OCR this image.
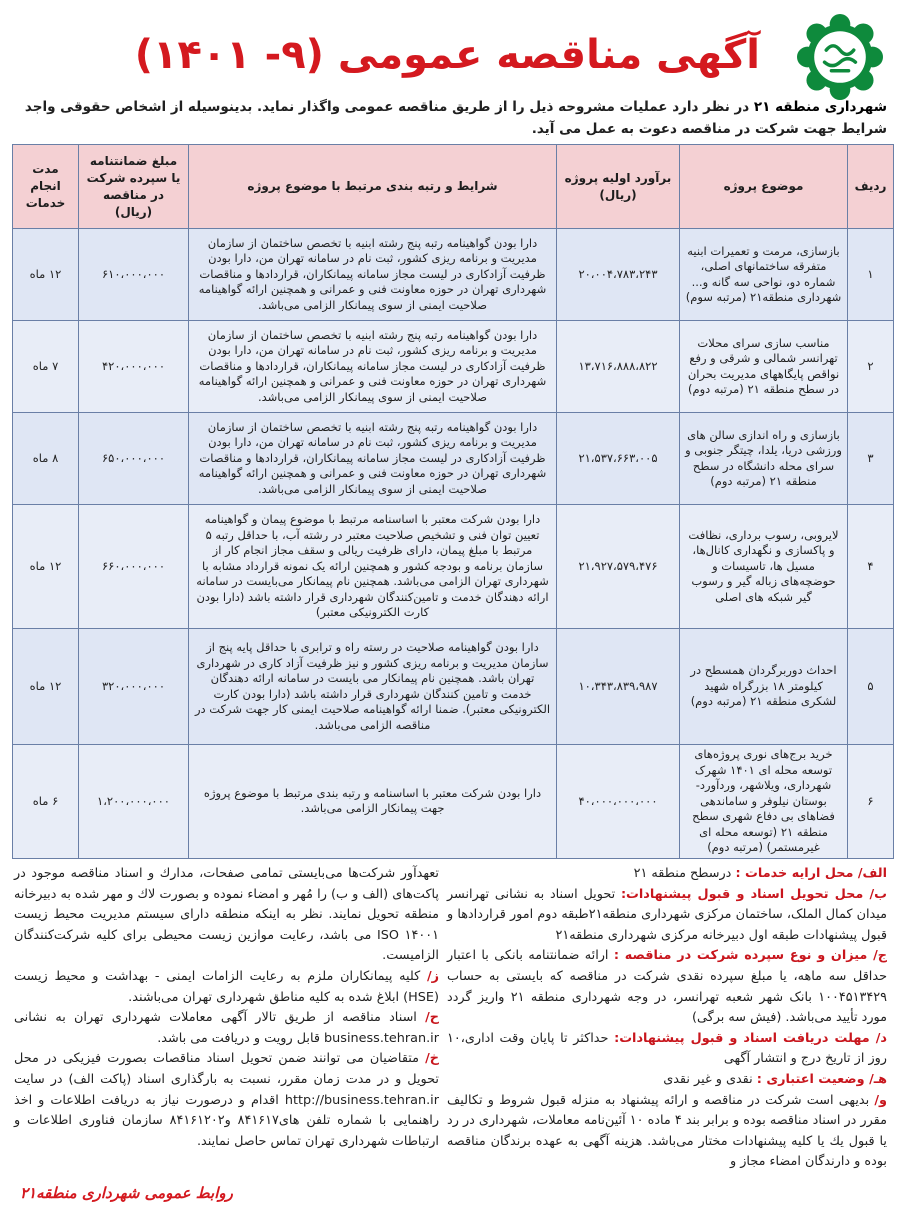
آگهی مناقصه عمومی (۹- ۱۴۰۱)
شهرداری منطقه ۲۱ در نظر دارد عملیات مشروحه ذیل را از طریق مناقصه عمومی واگذار نماید. بدینوسیله از اشخاص حقوقی واجد شرایط جهت شرکت در مناقصه دعوت به عمل می آید.
ردیف	موضوع پروژه	برآورد اولیه پروژه (ریال)	شرایط و رتبه بندی مرتبط با موضوع پروژه	مبلغ ضمانتنامه یا سپرده شرکت در مناقصه (ریال)	مدت انجام خدمات
۱	بازسازی، مرمت و تعمیرات ابنیه متفرقه ساختمانهای اصلی، شماره دو، نواحی سه گانه و... شهرداری منطقه۲۱ (مرتبه سوم)	۲۰،۰۰۴،۷۸۳،۲۴۳	دارا بودن گواهینامه رتبه پنج رشته ابنیه با تخصص ساختمان از سازمان مدیریت و برنامه ریزی کشور، ثبت نام در سامانه تهران من، دارا بودن ظرفیت آزادکاری در لیست مجاز سامانه پیمانکاران، قراردادها و مناقصات شهرداری تهران در حوزه معاونت فنی و عمرانی و همچنین ارائه گواهینامه صلاحیت ایمنی از سوی پیمانکار الزامی می‌باشد.	۶۱۰،۰۰۰،۰۰۰	۱۲ ماه
۲	مناسب سازی سرای محلات تهرانسر شمالی و شرقی و رفع نواقص پایگاههای مدیریت بحران در سطح منطقه ۲۱ (مرتبه دوم)	۱۳،۷۱۶،۸۸۸،۸۲۲	دارا بودن گواهینامه رتبه پنج رشته ابنیه با تخصص ساختمان از سازمان مدیریت و برنامه ریزی کشور، ثبت نام در سامانه تهران من، دارا بودن ظرفیت آزادکاری در لیست مجاز سامانه پیمانکاران، قراردادها و مناقصات شهرداری تهران در حوزه معاونت فنی و عمرانی و همچنین ارائه گواهینامه صلاحیت ایمنی از سوی پیمانکار الزامی می‌باشد.	۴۲۰،۰۰۰،۰۰۰	۷ ماه
۳	بازسازی و راه اندازی سالن های ورزشی دریا، یلدا، چیتگر جنوبی و سرای محله دانشگاه در سطح منطقه ۲۱ (مرتبه دوم)	۲۱،۵۳۷،۶۶۳،۰۰۵	دارا بودن گواهینامه رتبه پنج رشته ابنیه با تخصص ساختمان از سازمان مدیریت و برنامه ریزی کشور، ثبت نام در سامانه تهران من، دارا بودن ظرفیت آزادکاری در لیست مجاز سامانه پیمانکاران، قراردادها و مناقصات شهرداری تهران در حوزه معاونت فنی و عمرانی و همچنین ارائه گواهینامه صلاحیت ایمنی از سوی پیمانکار الزامی می‌باشد.	۶۵۰،۰۰۰،۰۰۰	۸ ماه
۴	لایروبی، رسوب برداری، نظافت و پاکسازی و نگهداری کانال‌ها، مسیل ها، تاسیسات و حوضچه‌های زباله گیر و رسوب گیر شبکه های اصلی	۲۱،۹۲۷،۵۷۹،۴۷۶	دارا بودن شرکت معتبر با اساسنامه مرتبط با موضوع پیمان و گواهینامه تعیین توان فنی و تشخیص صلاحیت معتبر در رشته آب، با حداقل رتبه ۵ مرتبط با مبلغ پیمان، دارای ظرفیت ریالی و سقف مجاز انجام کار از سازمان برنامه و بودجه کشور و همچنین ارائه یک نمونه قرارداد مشابه با شهرداری تهران الزامی می‌باشد. همچنین نام پیمانکار می‌بایست در سامانه ارائه دهندگان خدمت و تامین‌کنندگان شهرداری قرار داشته باشد (دارا بودن کارت الکترونیکی معتبر)	۶۶۰،۰۰۰،۰۰۰	۱۲ ماه
۵	احداث دوربرگردان همسطح در کیلومتر ۱۸ بزرگراه شهید لشکری منطقه ۲۱ (مرتبه دوم)	۱۰،۳۴۳،۸۳۹،۹۸۷	دارا بودن گواهینامه صلاحیت در رسته راه و ترابری با حداقل پایه پنج از سازمان مدیریت و برنامه ریزی کشور و نیز ظرفیت آزاد کاری در شهرداری تهران باشد. همچنین نام پیمانکار می بایست در سامانه ارائه دهندگان خدمت و تامین کنندگان شهرداری قرار داشته باشد (دارا بودن کارت الکترونیکی معتبر). ضمنا ارائه گواهینامه صلاحیت ایمنی کار جهت شرکت در مناقصه الزامی می‌باشد.	۳۲۰،۰۰۰،۰۰۰	۱۲ ماه
۶	خرید برج‌های نوری پروژه‌های توسعه محله ای ۱۴۰۱ شهرک شهرداری، ویلاشهر، وردآورد- بوستان نیلوفر و ساماندهی فضاهای بی دفاع شهری سطح منطقه ۲۱ (توسعه محله ای غیرمستمر) (مرتبه دوم)	۴۰،۰۰۰،۰۰۰،۰۰۰	دارا بودن شرکت معتبر با اساسنامه و رتبه بندی مرتبط با موضوع پروژه جهت پیمانکار الزامی می‌باشد.	۱،۲۰۰،۰۰۰،۰۰۰	۶ ماه

الف/ محل ارایه خدمات : درسطح منطقه ۲۱

ب/ محل تحویل اسناد و قبول پیشنهادات: تحویل اسناد به نشانی تهرانسر میدان کمال الملک، ساختمان مرکزی شهرداری منطقه۲۱طبقه دوم امور قراردادها و قبول پیشنهادات طبقه اول دبیرخانه مرکزی شهرداری منطقه۲۱

ج/ میزان و نوع سپرده شرکت در مناقصه : ارائه ضمانتنامه بانکی با اعتبار حداقل سه ماهه، یا مبلغ سپرده نقدی شرکت در مناقصه که بایستی به حساب ۱۰۰۴۵۱۳۴۲۹ بانک شهر شعبه تهرانسر، در وجه شهرداری منطقه ۲۱ واریز گردد مورد تأیید می‌باشد. (فیش سه برگی)

د/ مهلت دریافت اسناد و قبول پیشنهادات: حداکثر تا پایان وقت اداری،۱۰ روز از تاریخ درج و انتشار آگهی

هـ/ وضعیت اعتباری : نقدی و غیر نقدی

و/ بدیهی است شرکت در مناقصه و ارائه پیشنهاد به منزله قبول شروط و تکالیف مقرر در اسناد مناقصه بوده و برابر بند ۴ ماده ۱۰ آئین‌نامه معاملات، شهرداری در رد یا قبول یك یا کلیه پیشنهادات مختار می‌باشد. هزینه آگهی به عهده برندگان مناقصه بوده و دارندگان امضاء مجاز و

تعهدآور شرکت‌ها می‌بایستی تمامی صفحات، مدارك و اسناد مناقصه موجود در پاکت‌های (الف و ب) را مُهر و امضاء نموده و بصورت لاك و مهر شده به دبیرخانه منطقه تحویل نمایند. نظر به اینکه منطقه دارای سیستم مدیریت محیط زیست ISO ۱۴۰۰۱ می باشد، رعایت موازین زیست محیطی برای کلیه شرکت‌کنندگان الزامیست.

ز/ کلیه پیمانکاران ملزم به رعایت الزامات ایمنی - بهداشت و محیط زیست (HSE) ابلاغ شده به کلیه مناطق شهرداری تهران می‌باشند.

ح/ اسناد مناقصه از طریق تالار آگهی معاملات شهرداری تهران به نشانی business.tehran.ir قابل رویت و دریافت می باشد.

خ/ متقاضیان می توانند ضمن تحویل اسناد مناقصات بصورت فیزیکی در محل تحویل و در مدت زمان مقرر، نسبت به بارگذاری اسناد (پاکت الف) در سایت http://business.tehran.ir اقدام و درصورت نیاز به دریافت اطلاعات و اخذ راهنمایی با شماره تلفن های۸۴۱۶۱۷ و۸۴۱۶۱۲۰۲ سازمان فناوری اطلاعات و ارتباطات شهرداری تهران تماس حاصل نمایند.

روابط عمومی شهرداری منطقه۲۱
